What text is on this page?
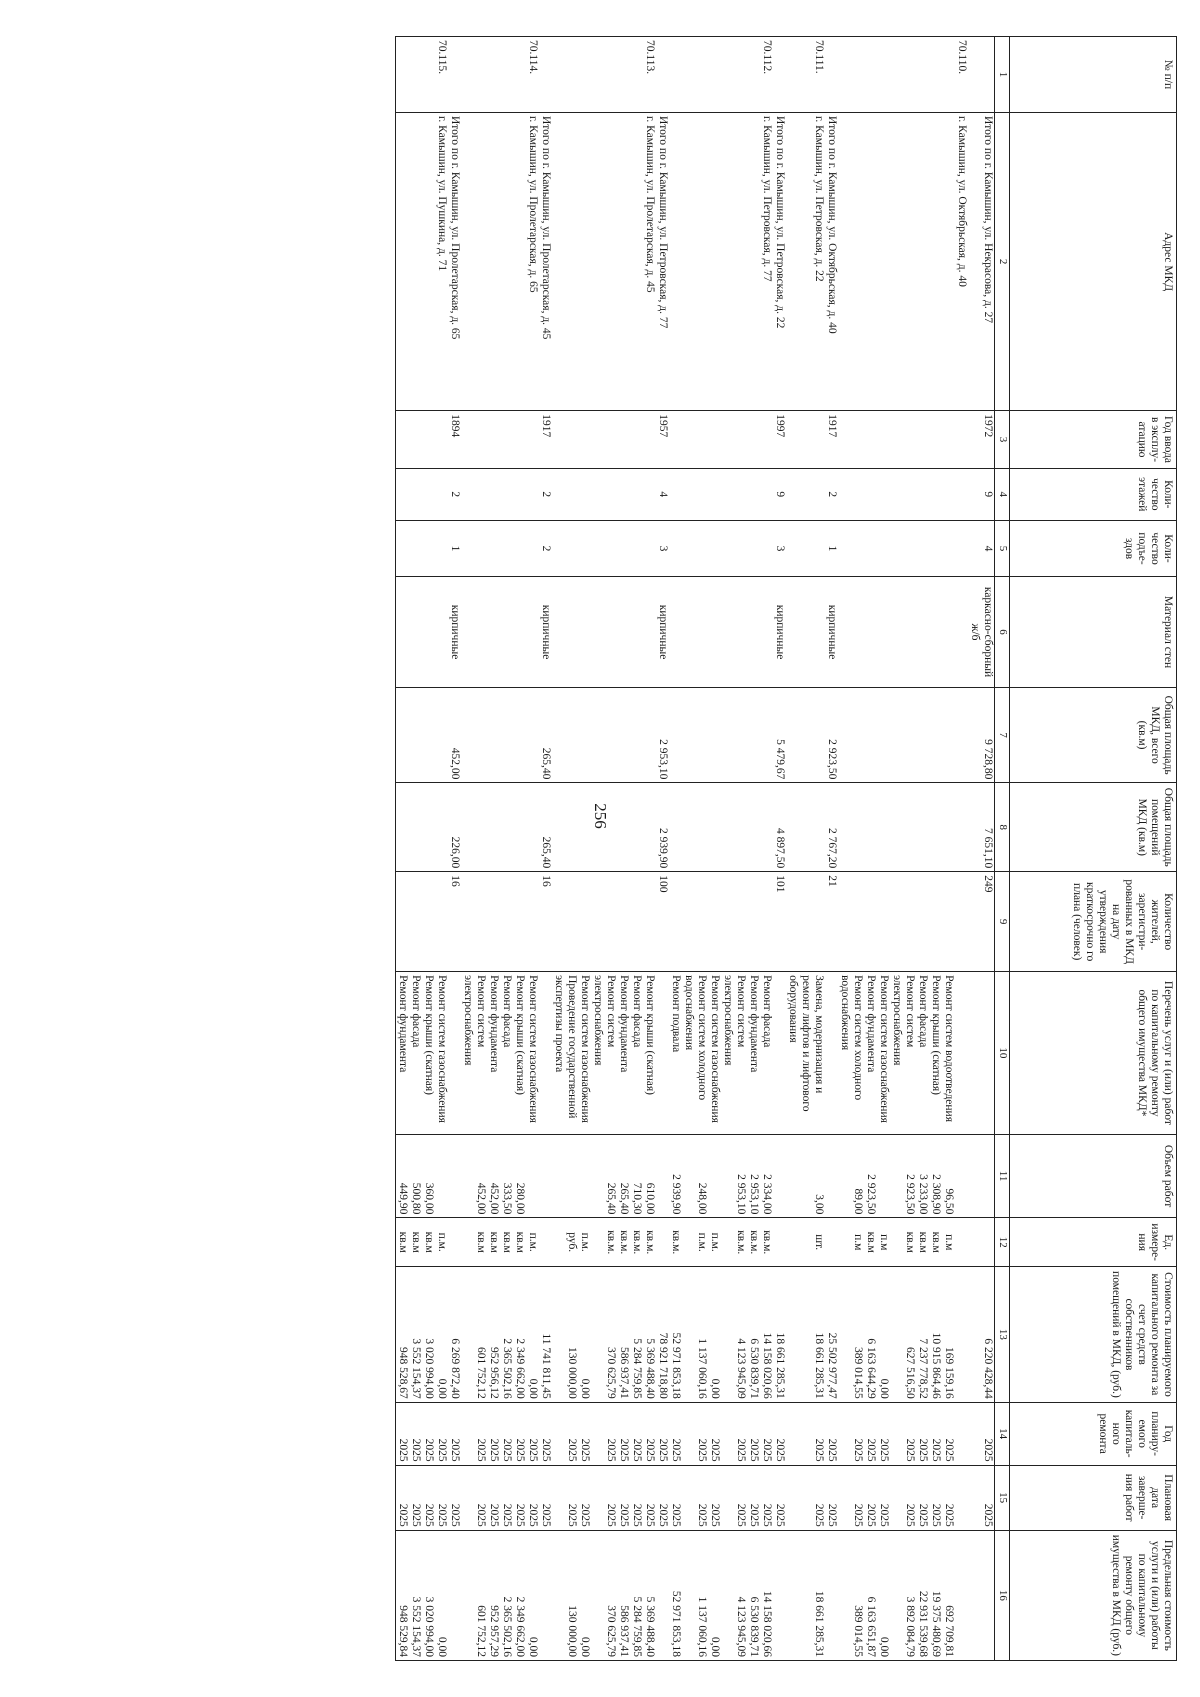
256
№ п/п	Адрес МКД	Год ввода в эксплу-атацию	Коли-чество этажей	Коли-чество подъе-здов	Материал стен	Общая площадь МКД, всего (кв.м)	Общая площадь помещений МКД (кв.м)	Количество жителей, зарегистри-рованных в МКД на дату утверждения краткосрочно го плана (человек)	Перечень услуг и (или) работ по капитальному ремонту общего имущества МКД*	Объем работ	Ед. измере-ния	Стоимость планируемого капитального ремонта за счет средств собственников помещений в МКД, (руб.)	Год планиру-емого капиталь-ного ремонта	Плановая дата заверше-ния работ	Предельная стоимость услуги и (или) работы по капитальному ремонту общего имущества в МКД (руб.)
1	2	3	4	5	6	7	8	9	10	11	12	13	14	15	16
	Итого по г. Камышин, ул. Некрасова, д. 27	1972	9	4	каркасно-сборный ж/б	9 728,80	7 651,10	249				6 220 428,44	2025	2025	
70.110.	г. Камышин, ул. Октябрьская, д. 40														
									Ремонт систем водоотведения	96,50	п.м	169 159,16	2025	2025	692 709,81
									Ремонт крыши (скатная)	2 308,90	кв.м	10 915 864,46	2025	2025	19 375 480,69
									Ремонт фасада	3 233,00	кв.м	7 237 778,52	2025	2025	22 931 539,68
									Ремонт систем электроснабжения	2 923,50	кв.м	627 516,50	2025	2025	3 892 084,79
									Ремонт систем газоснабжения		п.м	0,00	2025	2025	0,00
									Ремонт фундамента	2 923,50	кв.м	6 163 644,29	2025	2025	6 163 651,87
									Ремонт систем холодного водоснабжения	89,00	п.м	389 014,55	2025	2025	389 014,55
	Итого по г. Камышин, ул. Октябрьская, д. 40	1917	2	1	кирпичные	2 923,50	2 767,20	21				25 502 977,47	2025	2025	
70.111.	г. Камышин, ул. Петровская, д. 22								Замена, модернизация и ремонт лифтов и лифтового оборудования	3,00	шт.	18 661 285,31	2025	2025	18 661 285,31
	Итого по г. Камышин, ул. Петровская, д. 22	1997	9	3	кирпичные	5 479,67	4 897,50	101				18 661 285,31	2025	2025	
70.112.	г. Камышин, ул. Петровская, д. 77								Ремонт фасада	2 334,00	кв.м.	14 158 020,66	2025	2025	14 158 020,66
									Ремонт фундамента	2 953,10	кв.м.	6 530 839,71	2025	2025	6 530 839,71
									Ремонт систем электроснабжения	2 953,10	кв.м.	4 123 945,09	2025	2025	4 123 945,09
									Ремонт систем газоснабжения		п.м.	0,00	2025	2025	0,00
									Ремонт систем холодного водоснабжения	248,00	п.м.	1 137 060,16	2025	2025	1 137 060,16
									Ремонт подвала	2 939,90	кв.м.	52 971 853,18	2025	2025	52 971 853,18
	Итого по г. Камышин, ул. Петровская, д. 77	1957	4	3	кирпичные	2 953,10	2 939,90	100				78 921 718,80	2025	2025	
70.113.	г. Камышин, ул. Пролетарская, д. 45								Ремонт крыши (скатная)	610,00	кв.м.	5 369 488,40	2025	2025	5 369 488,40
									Ремонт фасада	710,30	кв.м.	5 284 759,85	2025	2025	5 284 759,85
									Ремонт фундамента	265,40	кв.м.	586 937,41	2025	2025	586 937,41
									Ремонт систем электроснабжения	265,40	кв.м.	370 625,79	2025	2025	370 625,79
									Ремонт систем газоснабжения		п.м.	0,00	2025	2025	0,00
									Проведение государственной экспертизы проекта		руб.	130 000,00	2025	2025	130 000,00
	Итого по г. Камышин, ул. Пролетарская, д. 45	1917	2	2	кирпичные	265,40	265,40	16				11 741 811,45	2025	2025	
70.114.	г. Камышин, ул. Пролетарская, д. 65								Ремонт систем газоснабжения		п.м.	0,00	2025	2025	0,00
									Ремонт крыши (скатная)	280,00	кв.м	2 349 662,00	2025	2025	2 349 662,00
									Ремонт фасада	333,50	кв.м	2 365 502,16	2025	2025	2 365 502,16
									Ремонт фундамента	452,00	кв.м	952 956,12	2025	2025	952 957,29
									Ремонт систем электроснабжения	452,00	кв.м	601 752,12	2025	2025	601 752,12
	Итого по г. Камышин, ул. Пролетарская, д. 65	1894	2	1	кирпичные	452,00	226,00	16				6 269 872,40	2025	2025	
70.115.	г. Камышин, ул. Пушкина, д. 71								Ремонт систем газоснабжения		п.м.	0,00	2025	2025	0,00
									Ремонт крыши (скатная)	360,00	кв.м	3 020 994,00	2025	2025	3 020 994,00
									Ремонт фасада	500,80	кв.м	3 552 154,37	2025	2025	3 552 154,37
									Ремонт фундамента	449,90	кв.м	948 528,67	2025	2025	948 529,84
